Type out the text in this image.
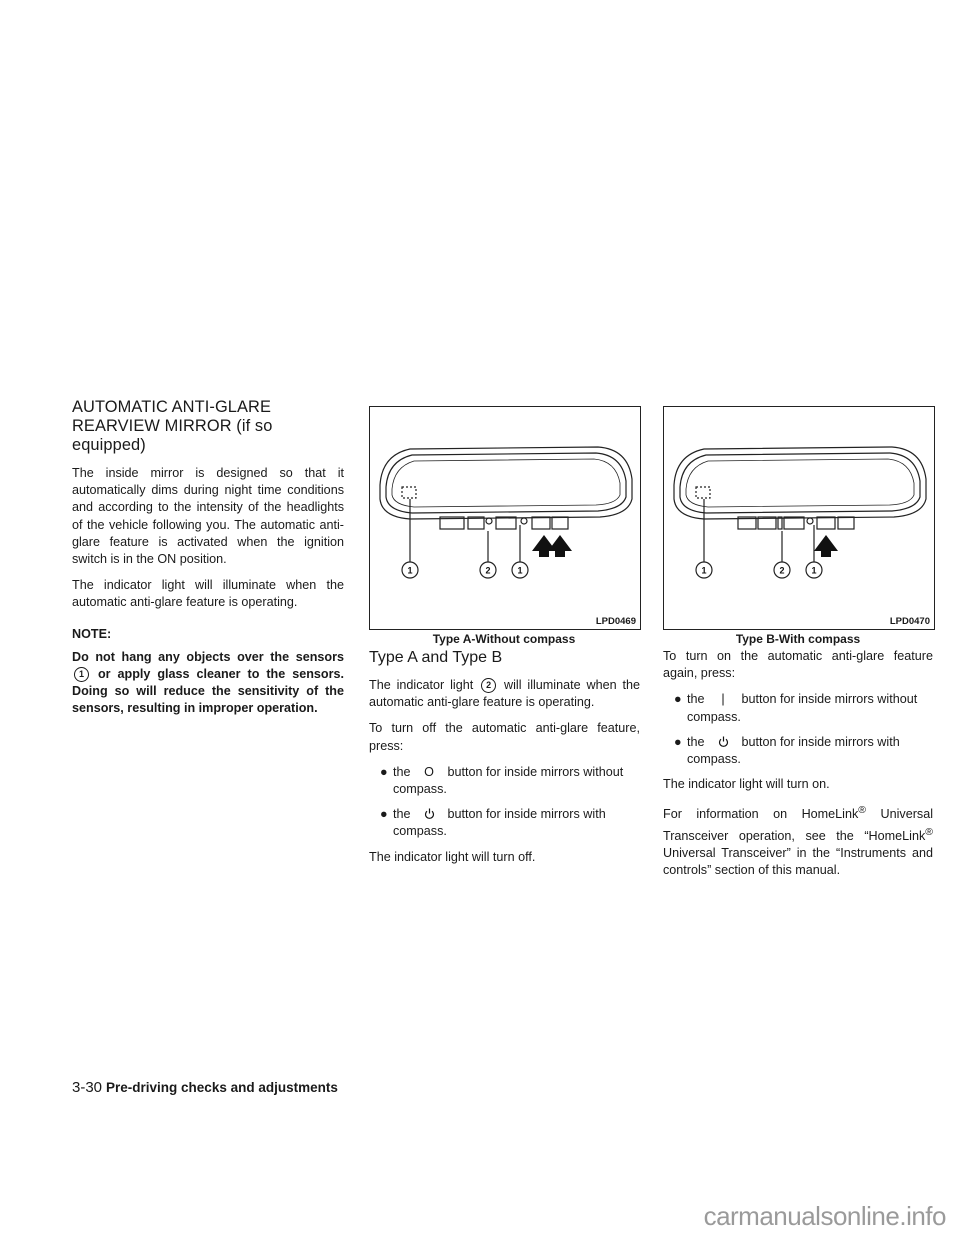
AUTOMATIC ANTI-GLARE
REARVIEW MIRROR (if so equipped)

The inside mirror is designed so that it automatically dims during night time conditions and according to the intensity of the headlights of the vehicle following you. The automatic anti-glare feature is activated when the ignition switch is in the ON position.

The indicator light will illuminate when the automatic anti-glare feature is operating.

NOTE:

Do not hang any objects over the sensors 1 or apply glass cleaner to the sensors. Doing so will reduce the sensitivity of the sensors, resulting in improper operation.

1	2	1
LPD0469
Type A-Without compass
1	2	1
LPD0470
Type B-With compass
Type A and Type B

The indicator light 2 will illuminate when the automatic anti-glare feature is operating.

To turn off the automatic anti-glare feature, press:

● the O button for inside mirrors without compass.
● the	button for inside mirrors with compass.

The indicator light will turn off.

To turn on the automatic anti-glare feature again, press:

● the | button for inside mirrors without compass.
● the	button for inside mirrors with compass.

The indicator light will turn on.

For information on HomeLink® Universal Transceiver operation, see the “HomeLink® Universal Transceiver” in the “Instruments and controls” section of this manual.

3-30 Pre-driving checks and adjustments
carmanualsonline.info
